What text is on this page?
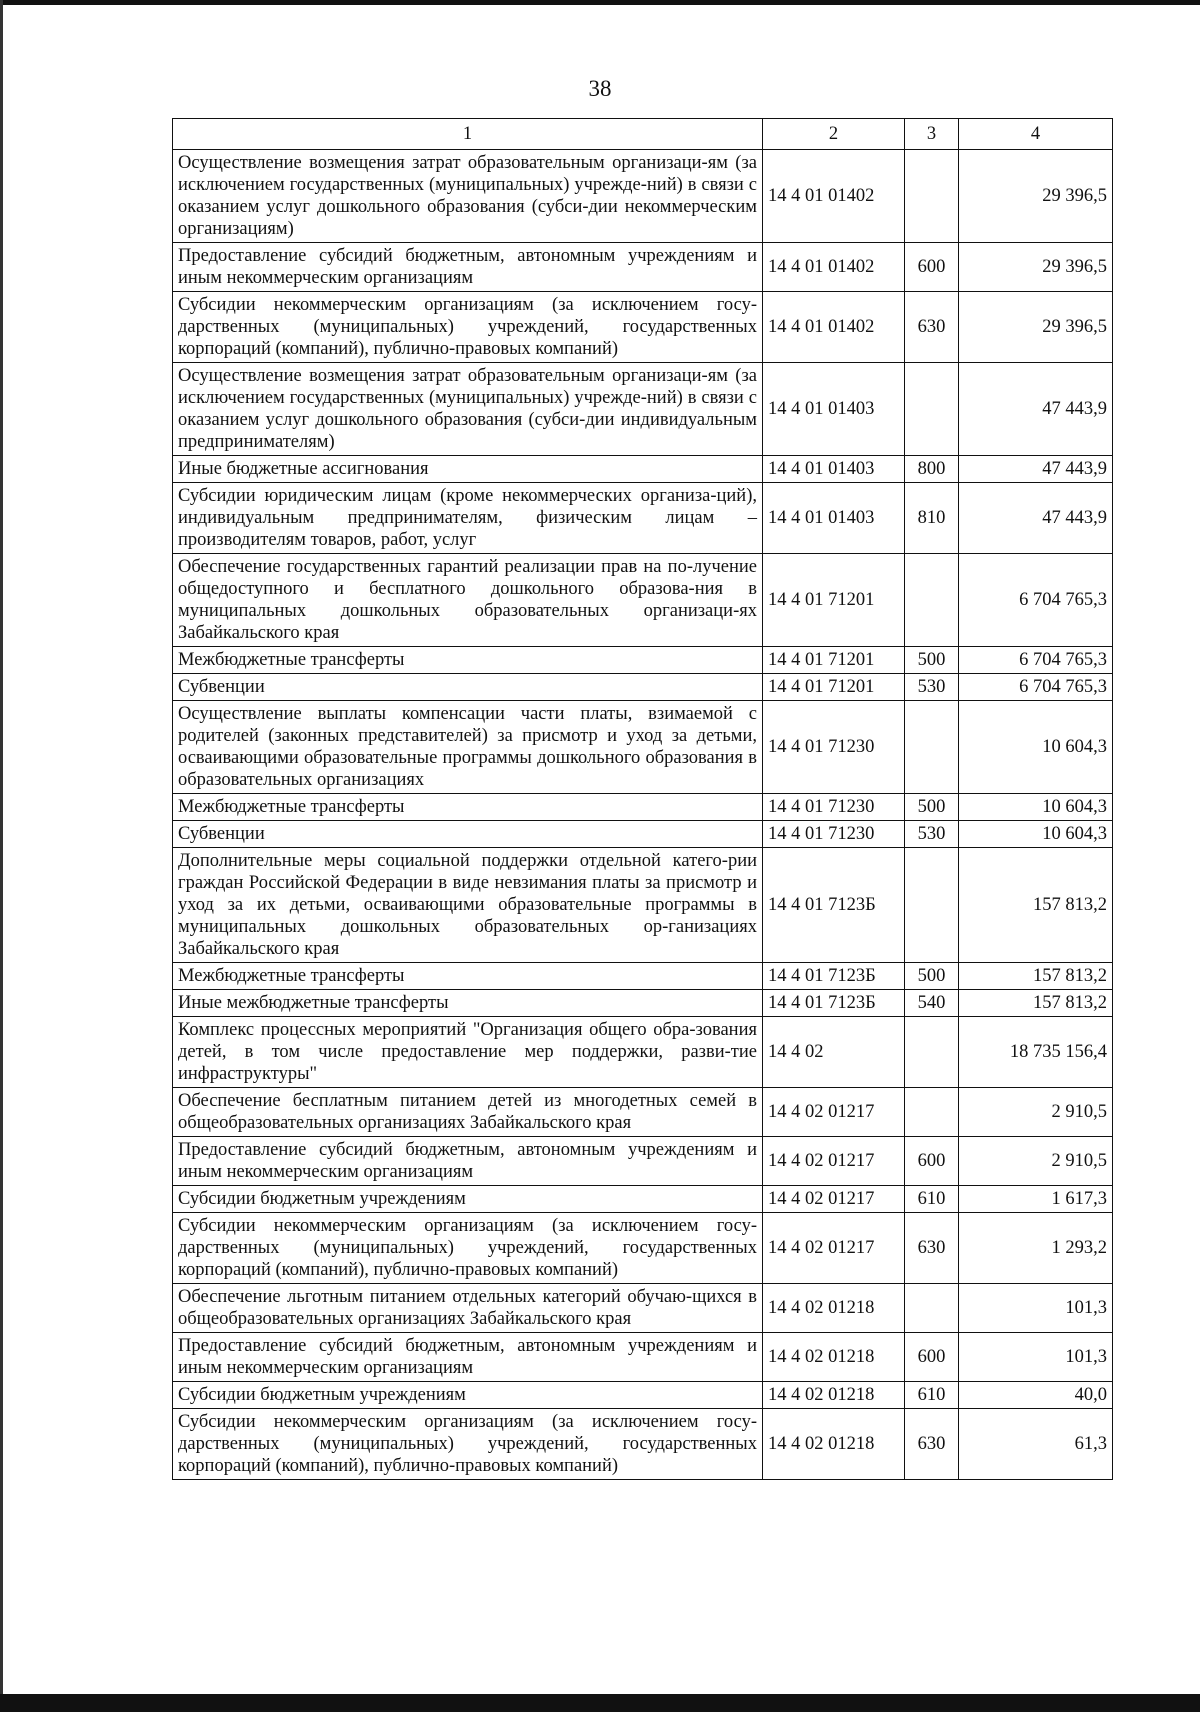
38
1	2	3	4
Осуществление возмещения затрат образовательным организаци-ям (за исключением государственных (муниципальных) учрежде-ний) в связи с оказанием услуг дошкольного образования (субси-дии некоммерческим организациям)	14 4 01 01402		29 396,5
Предоставление субсидий бюджетным, автономным учреждениям и иным некоммерческим организациям	14 4 01 01402	600	29 396,5
Субсидии некоммерческим организациям (за исключением госу-дарственных (муниципальных) учреждений, государственных корпораций (компаний), публично-правовых компаний)	14 4 01 01402	630	29 396,5
Осуществление возмещения затрат образовательным организаци-ям (за исключением государственных (муниципальных) учрежде-ний) в связи с оказанием услуг дошкольного образования (субси-дии индивидуальным предпринимателям)	14 4 01 01403		47 443,9
Иные бюджетные ассигнования	14 4 01 01403	800	47 443,9
Субсидии юридическим лицам (кроме некоммерческих организа-ций), индивидуальным предпринимателям, физическим лицам – производителям товаров, работ, услуг	14 4 01 01403	810	47 443,9
Обеспечение государственных гарантий реализации прав на по-лучение общедоступного и бесплатного дошкольного образова-ния в муниципальных дошкольных образовательных организаци-ях Забайкальского края	14 4 01 71201		6 704 765,3
Межбюджетные трансферты	14 4 01 71201	500	6 704 765,3
Субвенции	14 4 01 71201	530	6 704 765,3
Осуществление выплаты компенсации части платы, взимаемой с родителей (законных представителей) за присмотр и уход за детьми, осваивающими образовательные программы дошкольного образования в образовательных организациях	14 4 01 71230		10 604,3
Межбюджетные трансферты	14 4 01 71230	500	10 604,3
Субвенции	14 4 01 71230	530	10 604,3
Дополнительные меры социальной поддержки отдельной катего-рии граждан Российской Федерации в виде невзимания платы за присмотр и уход за их детьми, осваивающими образовательные программы в муниципальных дошкольных образовательных ор-ганизациях Забайкальского края	14 4 01 7123Б		157 813,2
Межбюджетные трансферты	14 4 01 7123Б	500	157 813,2
Иные межбюджетные трансферты	14 4 01 7123Б	540	157 813,2
Комплекс процессных мероприятий "Организация общего обра-зования детей, в том числе предоставление мер поддержки, разви-тие инфраструктуры"	14 4 02		18 735 156,4
Обеспечение бесплатным питанием детей из многодетных семей в общеобразовательных организациях Забайкальского края	14 4 02 01217		2 910,5
Предоставление субсидий бюджетным, автономным учреждениям и иным некоммерческим организациям	14 4 02 01217	600	2 910,5
Субсидии бюджетным учреждениям	14 4 02 01217	610	1 617,3
Субсидии некоммерческим организациям (за исключением госу-дарственных (муниципальных) учреждений, государственных корпораций (компаний), публично-правовых компаний)	14 4 02 01217	630	1 293,2
Обеспечение льготным питанием отдельных категорий обучаю-щихся в общеобразовательных организациях Забайкальского края	14 4 02 01218		101,3
Предоставление субсидий бюджетным, автономным учреждениям и иным некоммерческим организациям	14 4 02 01218	600	101,3
Субсидии бюджетным учреждениям	14 4 02 01218	610	40,0
Субсидии некоммерческим организациям (за исключением госу-дарственных (муниципальных) учреждений, государственных корпораций (компаний), публично-правовых компаний)	14 4 02 01218	630	61,3
